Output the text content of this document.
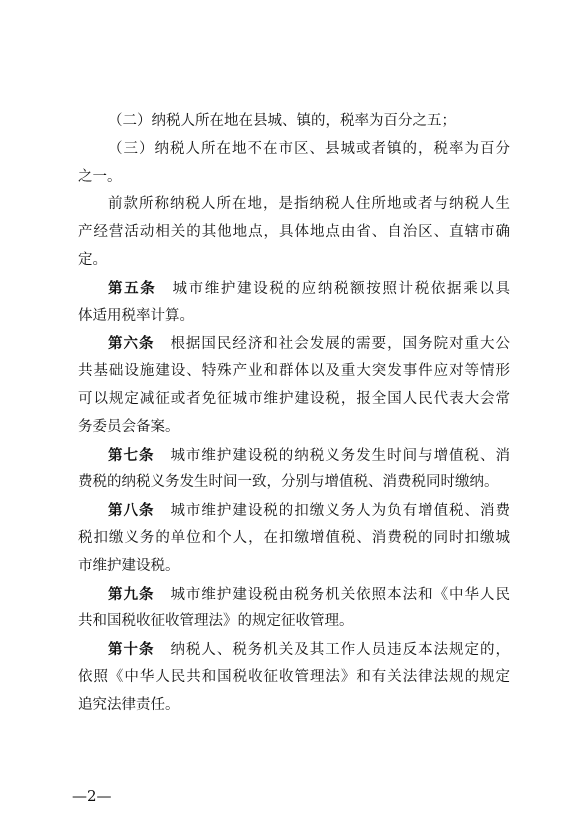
（二）纳税人所在地在县城、镇的，税率为百分之五；
（三）纳税人所在地不在市区、县城或者镇的，税率为百分
之一。
前款所称纳税人所在地，是指纳税人住所地或者与纳税人生
产经营活动相关的其他地点，具体地点由省、自治区、直辖市确
定。
第五条 城市维护建设税的应纳税额按照计税依据乘以具
体适用税率计算。
第六条 根据国民经济和社会发展的需要，国务院对重大公
共基础设施建设、特殊产业和群体以及重大突发事件应对等情形
可以规定减征或者免征城市维护建设税，报全国人民代表大会常
务委员会备案。
第七条 城市维护建设税的纳税义务发生时间与增值税、消
费税的纳税义务发生时间一致，分别与增值税、消费税同时缴纳。
第八条 城市维护建设税的扣缴义务人为负有增值税、消费
税扣缴义务的单位和个人，在扣缴增值税、消费税的同时扣缴城
市维护建设税。
第九条 城市维护建设税由税务机关依照本法和《中华人民
共和国税收征收管理法》的规定征收管理。
第十条 纳税人、税务机关及其工作人员违反本法规定的，
依照《中华人民共和国税收征收管理法》和有关法律法规的规定
追究法律责任。
—2—
